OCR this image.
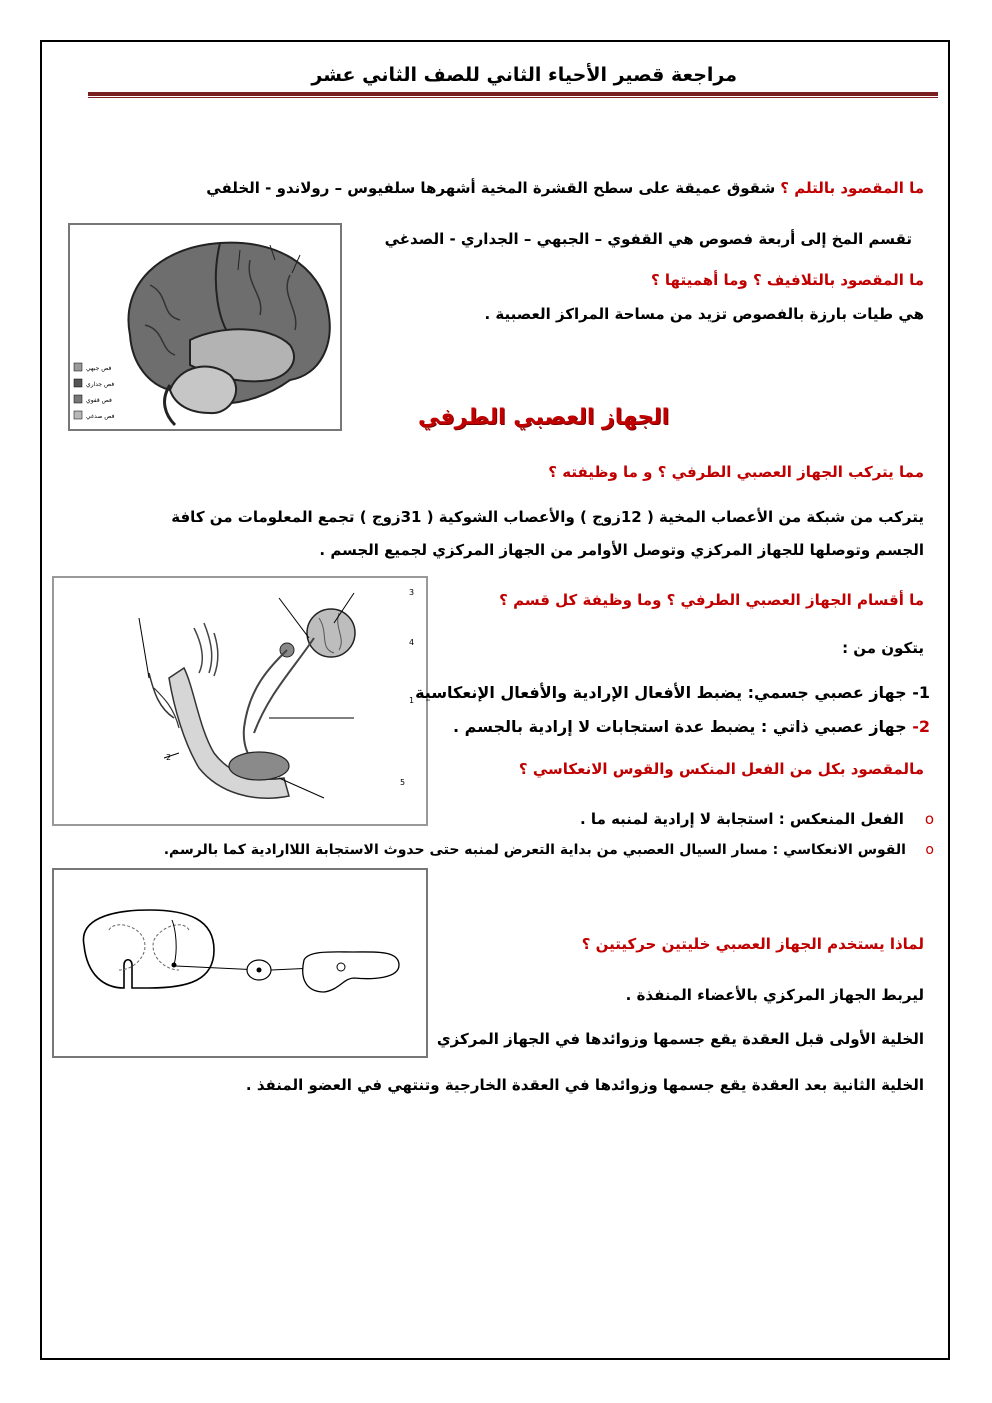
مراجعة قصير الأحياء الثاني للصف الثاني عشر
ما المقصود بالتلم ؟ شقوق عميقة على سطح القشرة المخية أشهرها سلفيوس – رولاندو - الخلفي
تقسم المخ إلى أربعة فصوص هي القفوي – الجبهي – الجداري - الصدغي
ما المقصود بالتلافيف ؟ وما أهميتها ؟
هي طيات بارزة بالفصوص تزيد من مساحة المراكز العصبية .
فص جبهي
فص جداري
فص قفوي
فص صدغي	الجهاز العصبي الطرفي
مما يتركب الجهاز العصبي الطرفي ؟ و ما وظيفته ؟
يتركب من شبكة من الأعصاب المخية ( 12زوج ) والأعصاب الشوكية ( 31زوج ) تجمع المعلومات من كافة
الجسم وتوصلها للجهاز المركزي وتوصل الأوامر من الجهاز المركزي لجميع الجسم .
1
2
3
4
5
ما أقسام الجهاز العصبي الطرفي ؟ وما وظيفة كل قسم ؟
يتكون من :
1- جهاز عصبي جسمي: يضبط الأفعال الإرادية والأفعال الإنعكاسية
2- جهاز عصبي ذاتي : يضبط عدة استجابات لا إرادية بالجسم .
مالمقصود بكل من الفعل المنكس والقوس الانعكاسي ؟
o    الفعل المنعكس : استجابة لا إرادية لمنبه ما .
o    القوس الانعكاسي : مسار السيال العصبي من بداية التعرض لمنبه حتى حدوث الاستجابة اللاارادية كما بالرسم.
لماذا يستخدم الجهاز العصبي خليتين حركيتين ؟
ليربط الجهاز المركزي بالأعضاء المنفذة .
الخلية الأولى قبل العقدة يقع جسمها وزوائدها في الجهاز المركزي
الخلية الثانية بعد العقدة يقع جسمها وزوائدها في العقدة الخارجية وتنتهي في العضو المنفذ .
